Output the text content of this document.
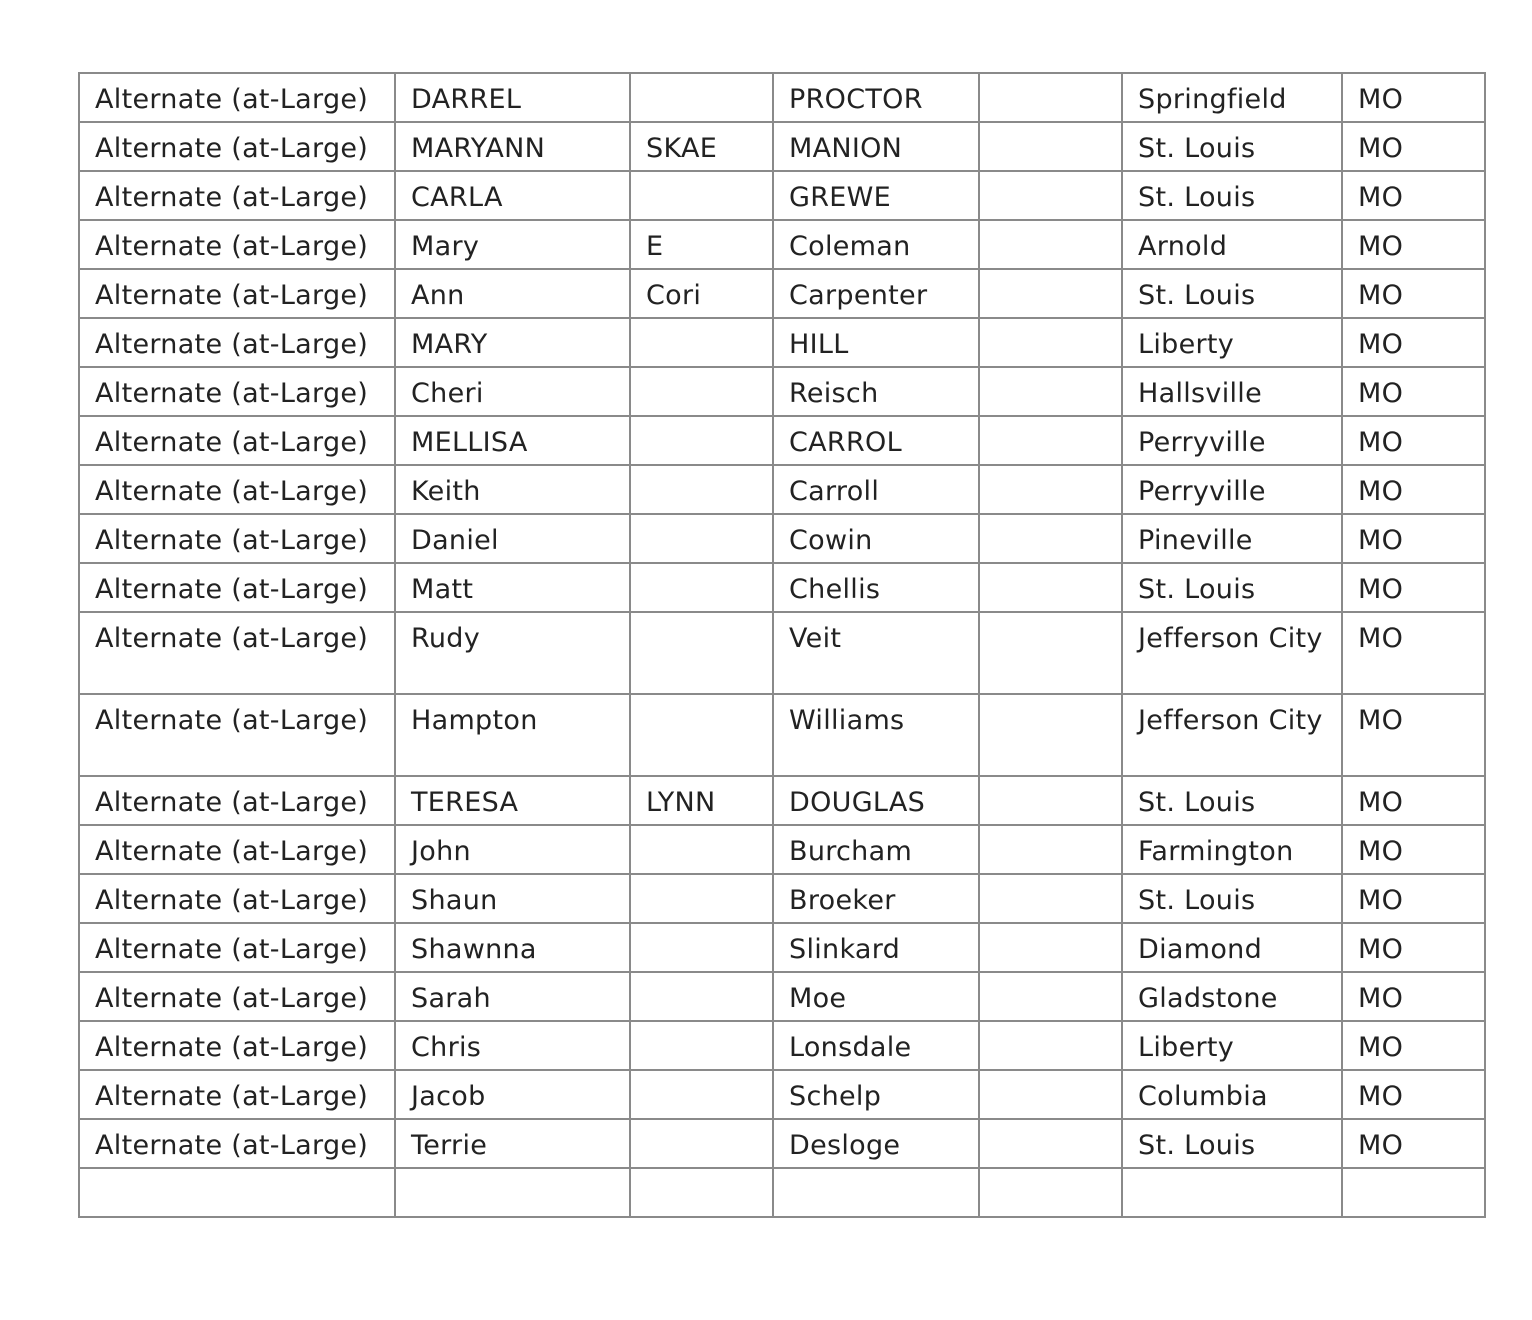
Alternate (at-Large)	DARREL		PROCTOR		Springfield	MO
Alternate (at-Large)	MARYANN	SKAE	MANION		St. Louis	MO
Alternate (at-Large)	CARLA		GREWE		St. Louis	MO
Alternate (at-Large)	Mary	E	Coleman		Arnold	MO
Alternate (at-Large)	Ann	Cori	Carpenter		St. Louis	MO
Alternate (at-Large)	MARY		HILL		Liberty	MO
Alternate (at-Large)	Cheri		Reisch		Hallsville	MO
Alternate (at-Large)	MELLISA		CARROL		Perryville	MO
Alternate (at-Large)	Keith		Carroll		Perryville	MO
Alternate (at-Large)	Daniel		Cowin		Pineville	MO
Alternate (at-Large)	Matt		Chellis		St. Louis	MO
Alternate (at-Large)	Rudy		Veit		Jefferson City	MO
Alternate (at-Large)	Hampton		Williams		Jefferson City	MO
Alternate (at-Large)	TERESA	LYNN	DOUGLAS		St. Louis	MO
Alternate (at-Large)	John		Burcham		Farmington	MO
Alternate (at-Large)	Shaun		Broeker		St. Louis	MO
Alternate (at-Large)	Shawnna		Slinkard		Diamond	MO
Alternate (at-Large)	Sarah		Moe		Gladstone	MO
Alternate (at-Large)	Chris		Lonsdale		Liberty	MO
Alternate (at-Large)	Jacob		Schelp		Columbia	MO
Alternate (at-Large)	Terrie		Desloge		St. Louis	MO
